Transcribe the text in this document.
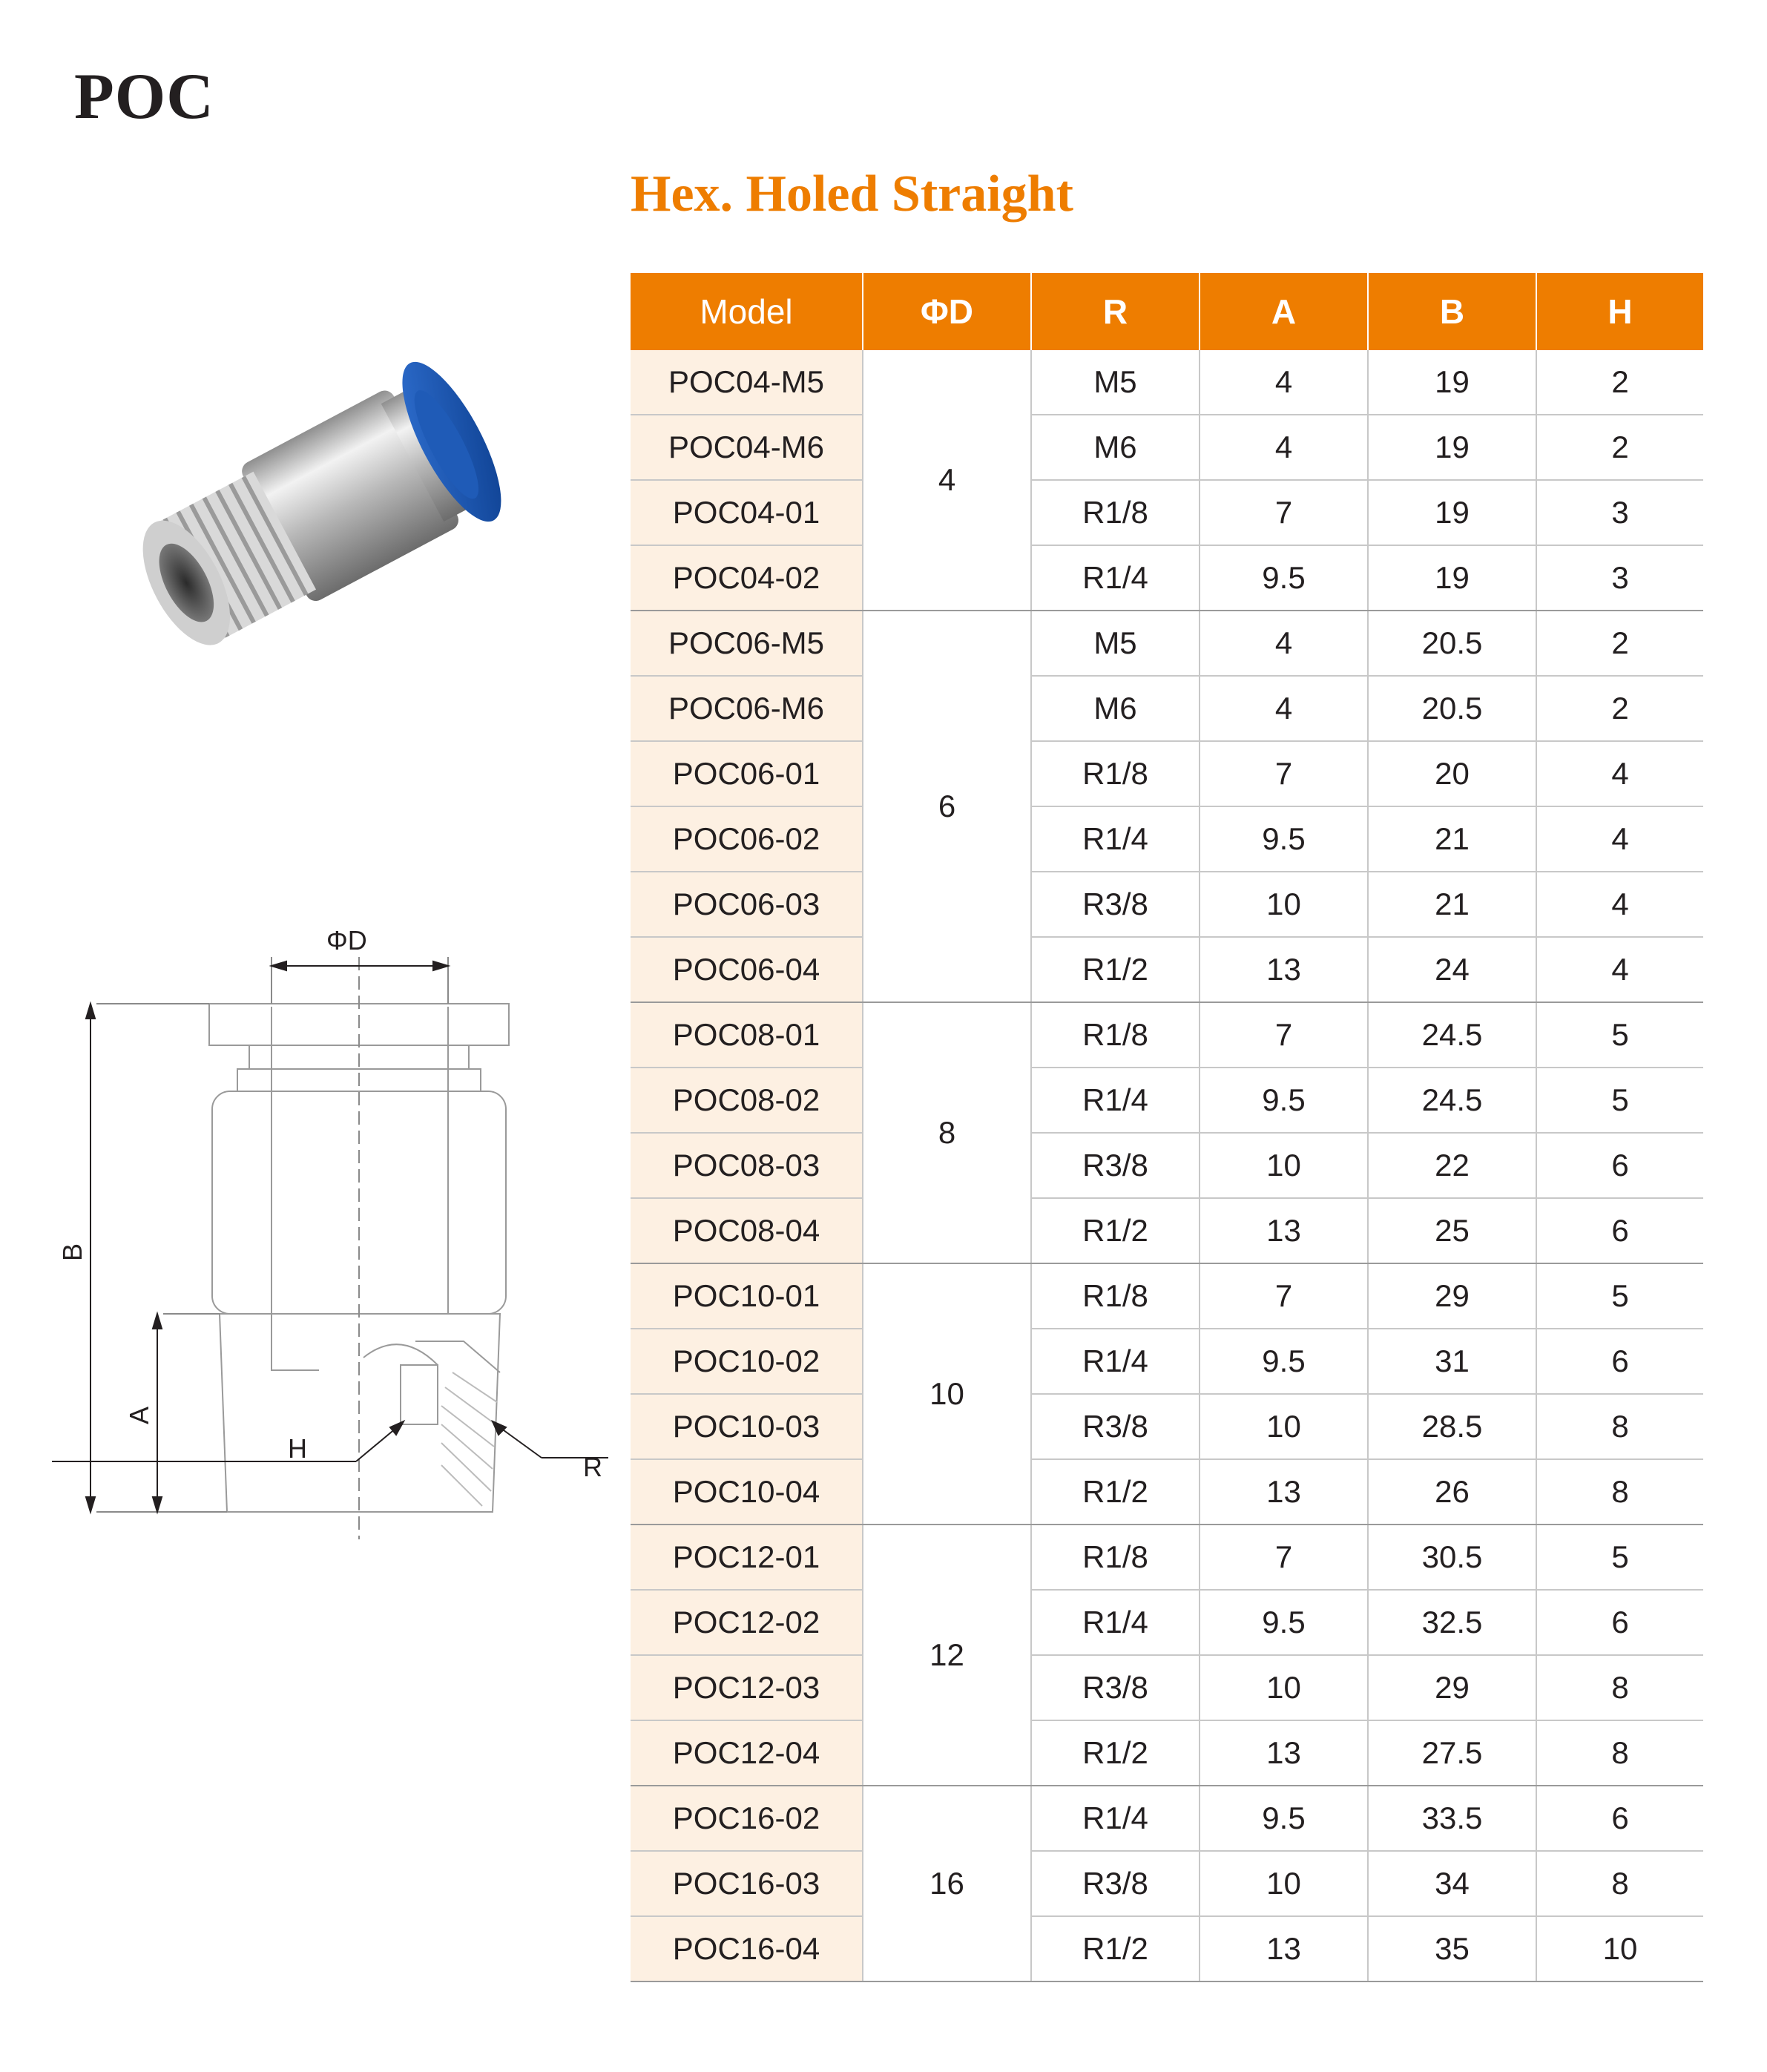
POC
Hex. Holed Straight
ΦD
B
A
H
R
Model	ΦD	R	A	B	H
POC04-M5	4	M5	4	19	2
POC04-M6		M6	4	19	2
POC04-01		R1/8	7	19	3
POC04-02		R1/4	9.5	19	3
POC06-M5	6	M5	4	20.5	2
POC06-M6		M6	4	20.5	2
POC06-01		R1/8	7	20	4
POC06-02		R1/4	9.5	21	4
POC06-03		R3/8	10	21	4
POC06-04		R1/2	13	24	4
POC08-01	8	R1/8	7	24.5	5
POC08-02		R1/4	9.5	24.5	5
POC08-03		R3/8	10	22	6
POC08-04		R1/2	13	25	6
POC10-01	10	R1/8	7	29	5
POC10-02		R1/4	9.5	31	6
POC10-03		R3/8	10	28.5	8
POC10-04		R1/2	13	26	8
POC12-01	12	R1/8	7	30.5	5
POC12-02		R1/4	9.5	32.5	6
POC12-03		R3/8	10	29	8
POC12-04		R1/2	13	27.5	8
POC16-02	16	R1/4	9.5	33.5	6
POC16-03		R3/8	10	34	8
POC16-04		R1/2	13	35	10
